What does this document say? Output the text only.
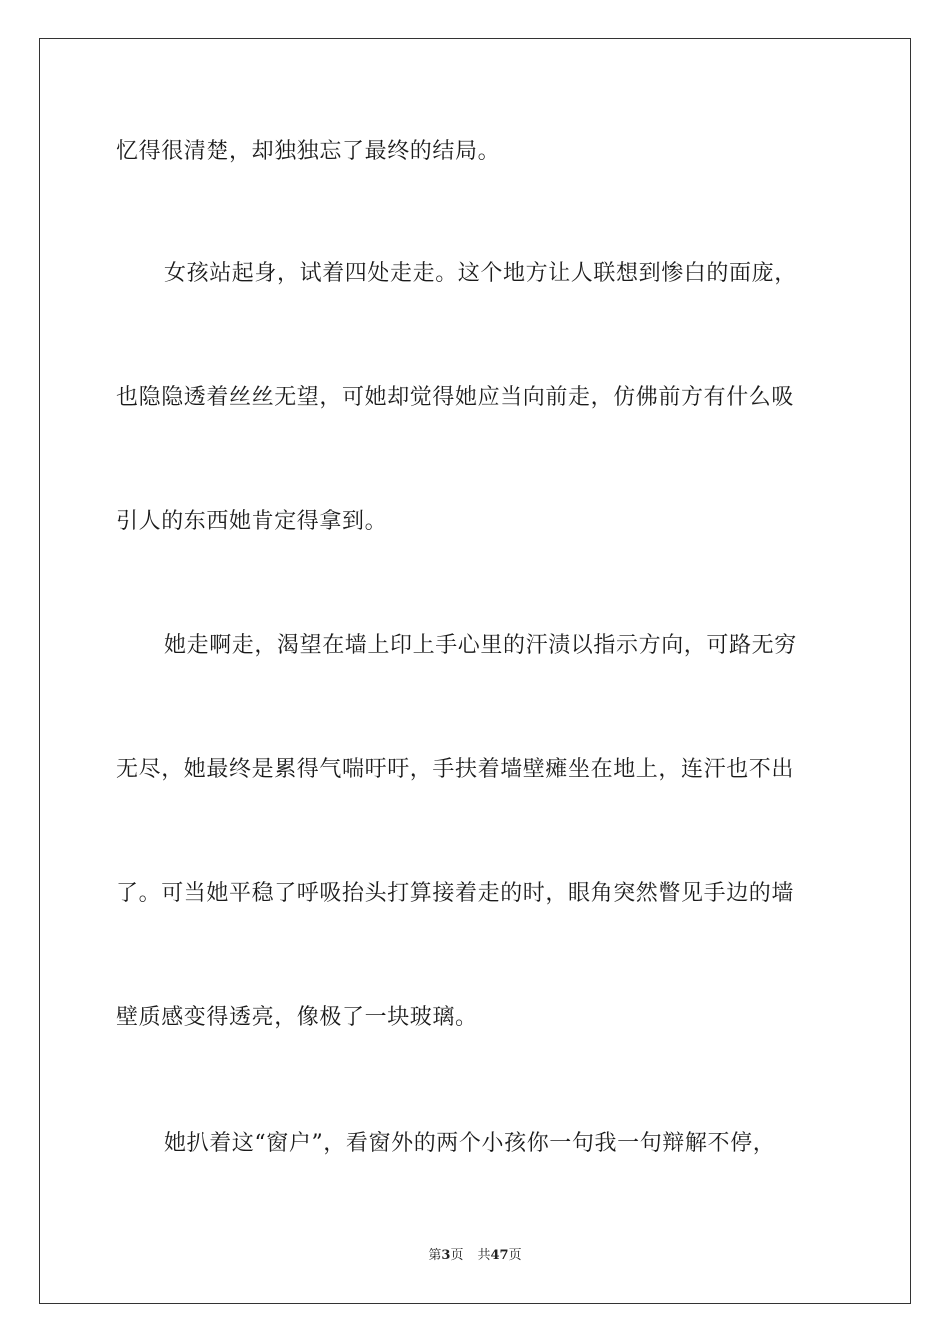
忆得很清楚，却独独忘了最终的结局。
女孩站起身，试着四处走走。这个地方让人联想到惨白的面庞，
也隐隐透着丝丝无望，可她却觉得她应当向前走，仿佛前方有什么吸
引人的东西她肯定得拿到。
她走啊走，渴望在墙上印上手心里的汗渍以指示方向，可路无穷
无尽，她最终是累得气喘吁吁，手扶着墙壁瘫坐在地上，连汗也不出
了。可当她平稳了呼吸抬头打算接着走的时，眼角突然瞥见手边的墙
壁质感变得透亮，像极了一块玻璃。
她扒着这“窗户”，看窗外的两个小孩你一句我一句辩解不停，
第3页 共47页
